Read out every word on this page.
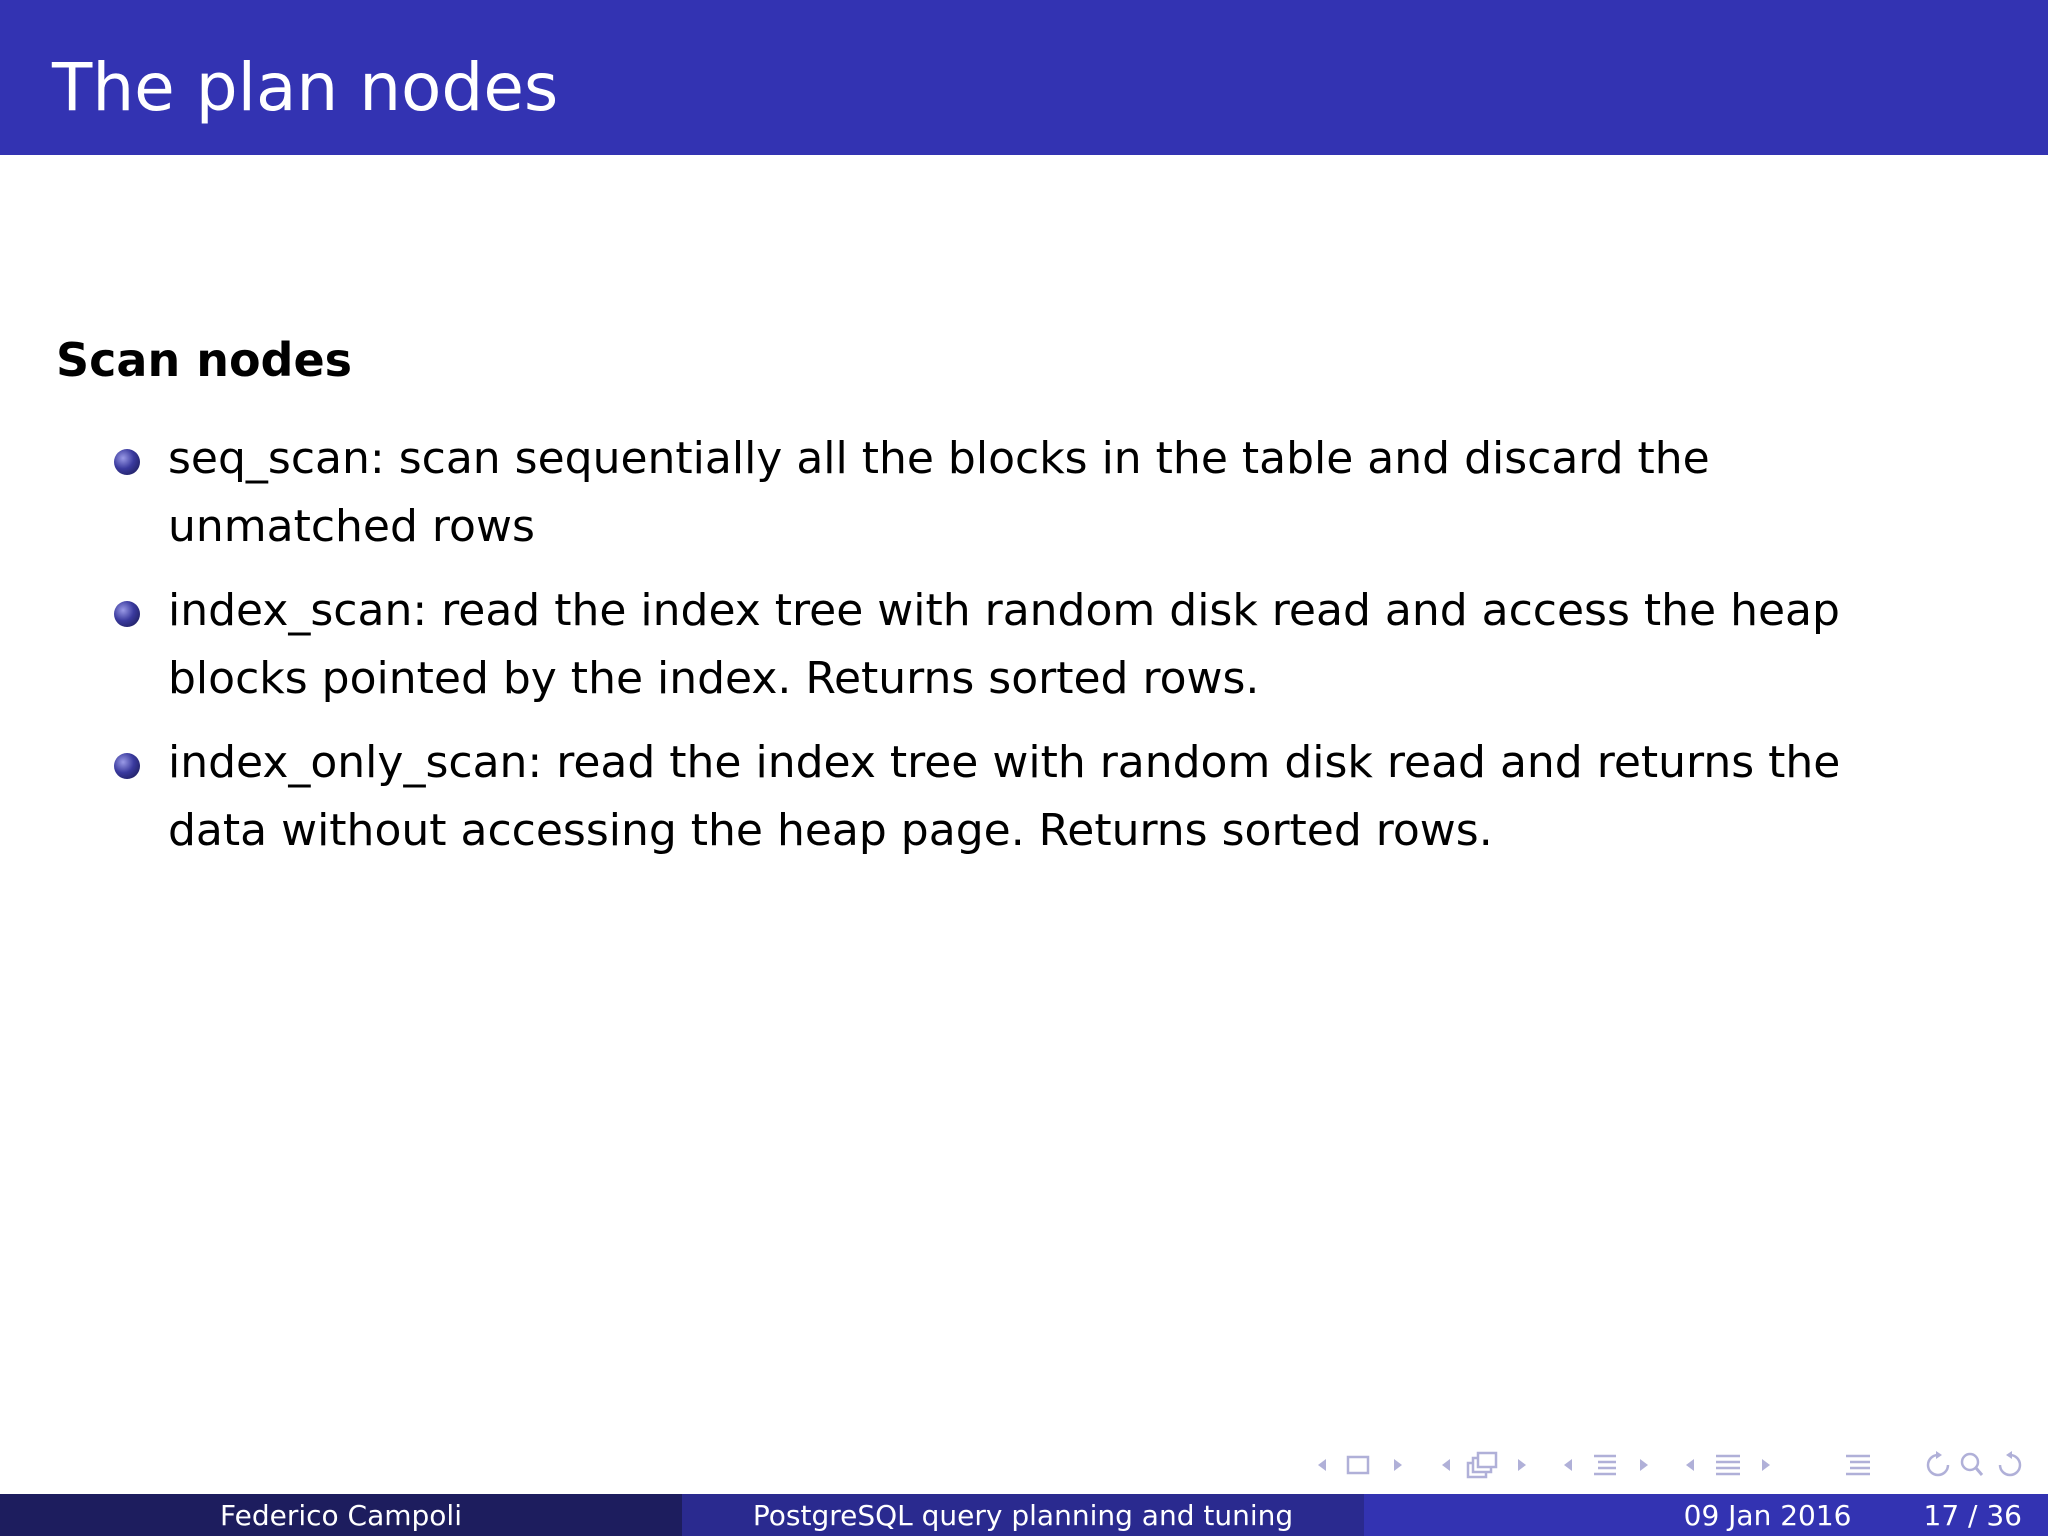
The plan nodes
Scan nodes
seq_scan: scan sequentially all the blocks in the table and discard the
unmatched rows
index_scan: read the index tree with random disk read and access the heap
blocks pointed by the index. Returns sorted rows.
index_only_scan: read the index tree with random disk read and returns the
data without accessing the heap page. Returns sorted rows.
Federico Campoli	PostgreSQL query planning and tuning	09 Jan 2016	17 / 36
